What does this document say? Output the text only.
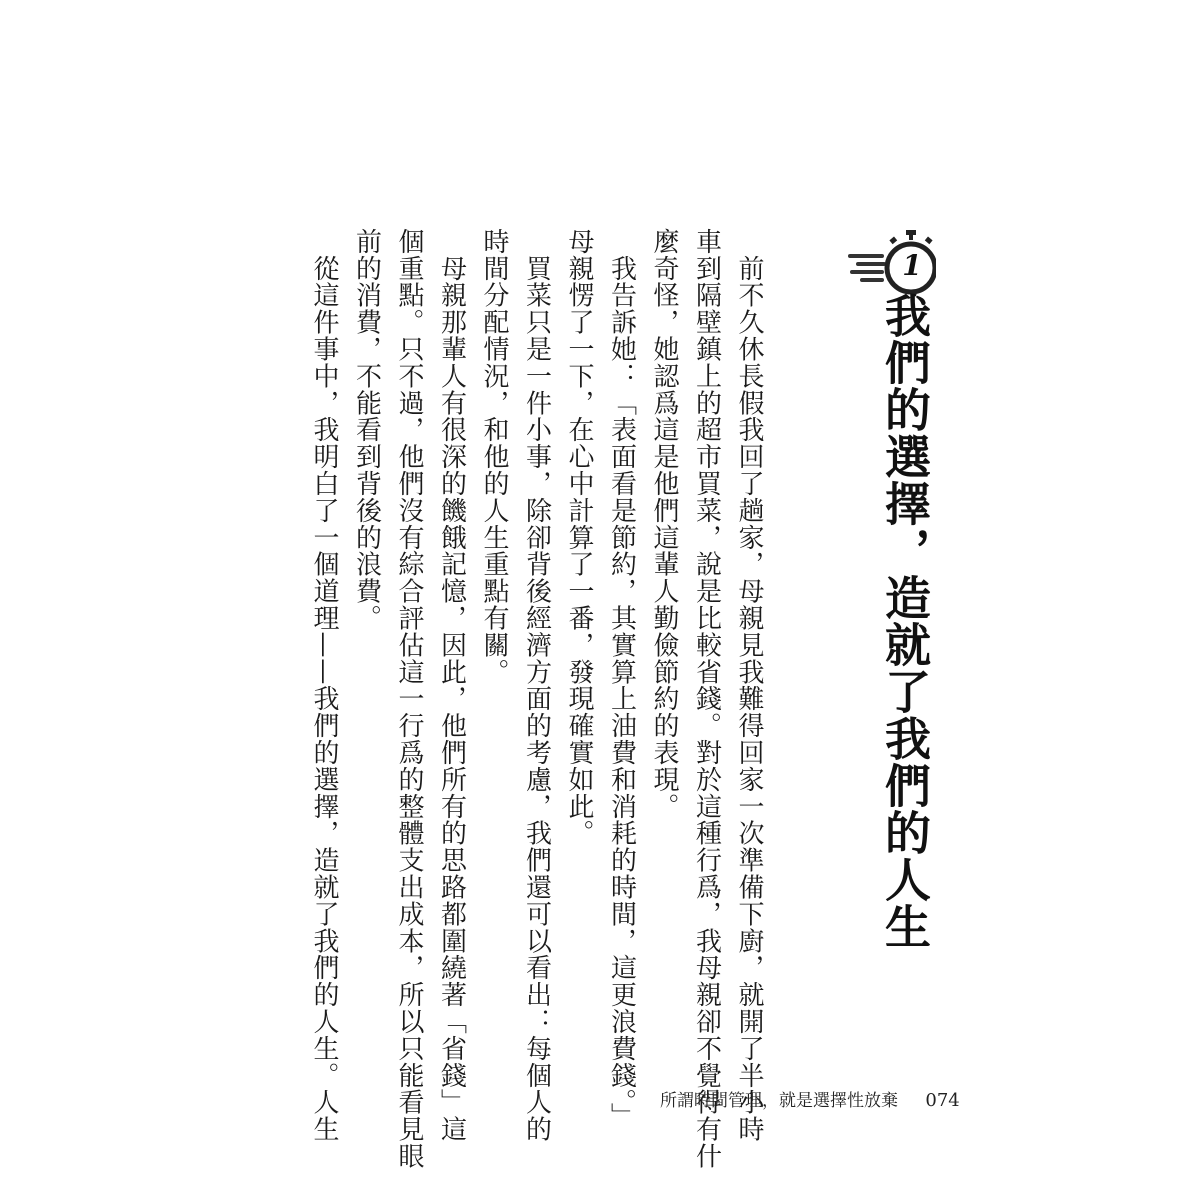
1
我們的選擇，造就了我們的人生

　前不久休長假我回了趟家，母親見我難得回家一次準備下廚，就開了半小時

車到隔壁鎮上的超市買菜，說是比較省錢。對於這種行爲，我母親卻不覺得有什

麼奇怪，她認爲這是他們這輩人勤儉節約的表現。

　我告訴她：「表面看是節約，其實算上油費和消耗的時間，這更浪費錢。」

母親愣了一下，在心中計算了一番，發現確實如此。

　買菜只是一件小事，除卻背後經濟方面的考慮，我們還可以看出：每個人的

時間分配情況，和他的人生重點有關。

　母親那輩人有很深的饑餓記憶，因此，他們所有的思路都圍繞著「省錢」這

個重點。只不過，他們沒有綜合評估這一行爲的整體支出成本，所以只能看見眼

前的消費，不能看到背後的浪費。

　從這件事中，我明白了一個道理——我們的選擇，造就了我們的人生。人生	所謂時間管理，就是選擇性放棄 074
